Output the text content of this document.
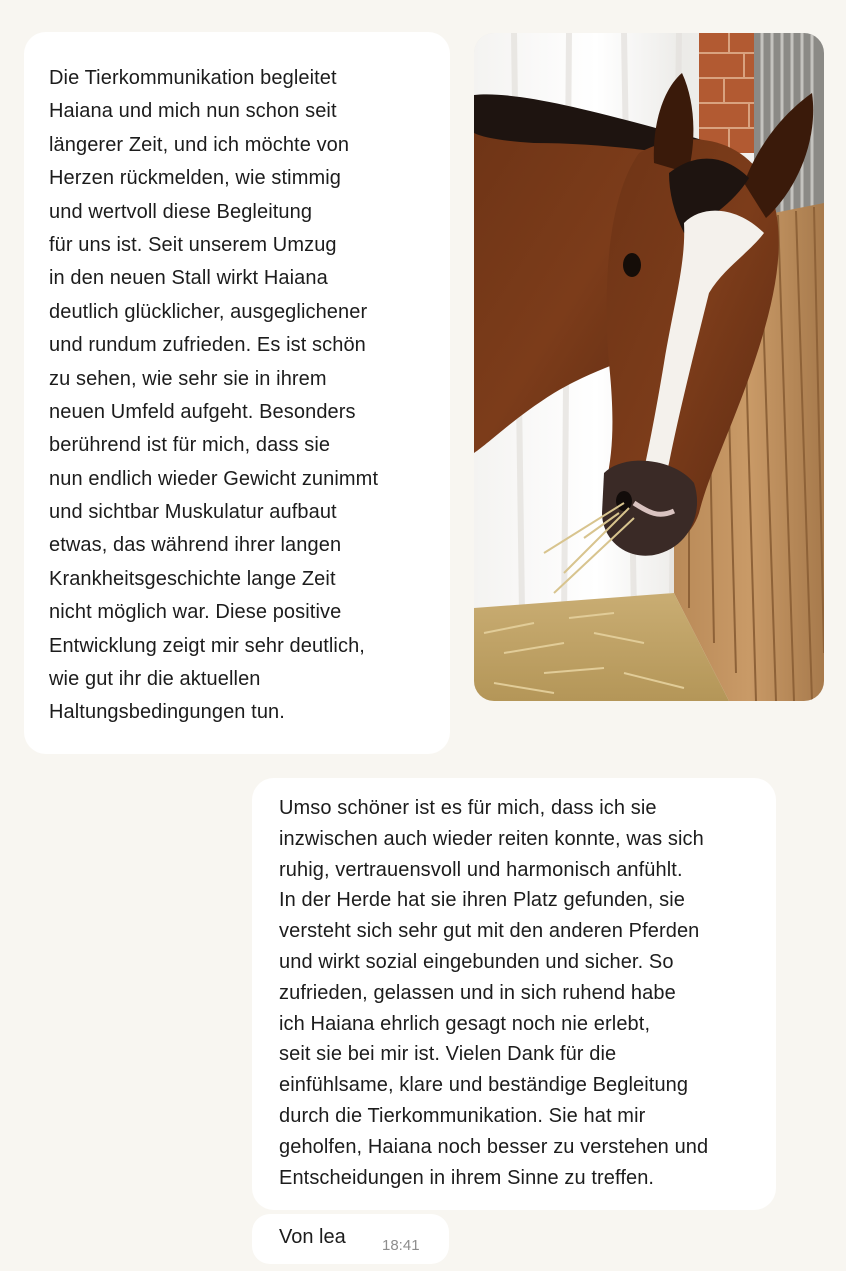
Die Tierkommunikation begleitet
Haiana und mich nun schon seit
längerer Zeit, und ich möchte von
Herzen rückmelden, wie stimmig
und wertvoll diese Begleitung
für uns ist. Seit unserem Umzug
in den neuen Stall wirkt Haiana
deutlich glücklicher, ausgeglichener
und rundum zufrieden. Es ist schön
zu sehen, wie sehr sie in ihrem
neuen Umfeld aufgeht. Besonders
berührend ist für mich, dass sie
nun endlich wieder Gewicht zunimmt
und sichtbar Muskulatur aufbaut
etwas, das während ihrer langen
Krankheitsgeschichte lange Zeit
nicht möglich war. Diese positive
Entwicklung zeigt mir sehr deutlich,
wie gut ihr die aktuellen
Haltungsbedingungen tun.
Umso schöner ist es für mich, dass ich sie
inzwischen auch wieder reiten konnte, was sich
ruhig, vertrauensvoll und harmonisch anfühlt.
In der Herde hat sie ihren Platz gefunden, sie
versteht sich sehr gut mit den anderen Pferden
und wirkt sozial eingebunden und sicher. So
zufrieden, gelassen und in sich ruhend habe
ich Haiana ehrlich gesagt noch nie erlebt,
seit sie bei mir ist. Vielen Dank für die
einfühlsame, klare und beständige Begleitung
durch die Tierkommunikation. Sie hat mir
geholfen, Haiana noch besser zu verstehen und
Entscheidungen in ihrem Sinne zu treffen.
Von lea 18:41
